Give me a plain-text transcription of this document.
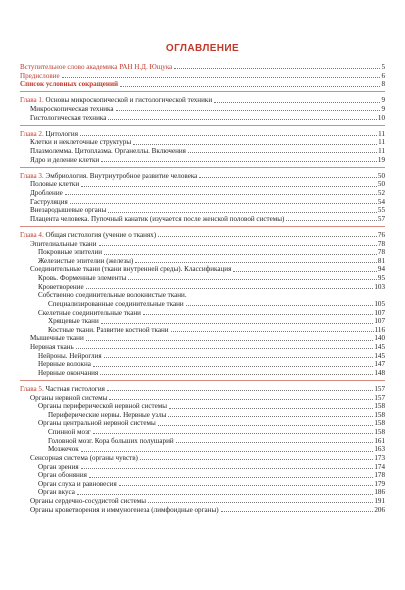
ОГЛАВЛЕНИЕ
Вступительное слово академика РАН Н.Д. Ющука	5
Предисловие	6
Список условных сокращений	8
Глава 1. Основы микроскопической и гистологической техники	9
Микроскопическая техника	9
Гистологическая техника	10
Глава 2. Цитология	11
Клетки и неклеточные структуры	11
Плазмолемма. Цитоплазма. Органеллы. Включения	11
Ядро и деление клетки	19
Глава 3. Эмбриология. Внутриутробное развитие человека	50
Половые клетки	50
Дробление	52
Гаструляция	54
Внезародышевые органы	55
Плацента человека. Пупочный канатик (изучается после женской половой системы)	57
Глава 4. Общая гистология (учение о тканях)	76
Эпителиальные ткани	78
Покровные эпителии	78
Железистые эпителии (железы)	81
Соединительные ткани (ткани внутренней среды). Классификация	94
Кровь. Форменные элементы	95
Кроветворение	103
Собственно соединительные волокнистые ткани.
Специализированные соединительные ткани	105
Скелетные соединительные ткани	107
Хрящевые ткани	107
Костные ткани. Развитие костной ткани	116
Мышечные ткани	140
Нервная ткань	145
Нейроны. Нейроглия	145
Нервные волокна	147
Нервные окончания	148
Глава 5. Частная гистология	157
Органы нервной системы	157
Органы периферической нервной системы	158
Периферические нервы. Нервные узлы	158
Органы центральной нервной системы	158
Спинной мозг	158
Головной мозг. Кора больших полушарий	161
Мозжечок	163
Сенсорная система (органы чувств)	173
Орган зрения	174
Орган обоняния	178
Орган слуха и равновесия	179
Орган вкуса	186
Органы сердечно-сосудистой системы	191
Органы кроветворения и иммуногенеза (лимфоидные органы)	206
